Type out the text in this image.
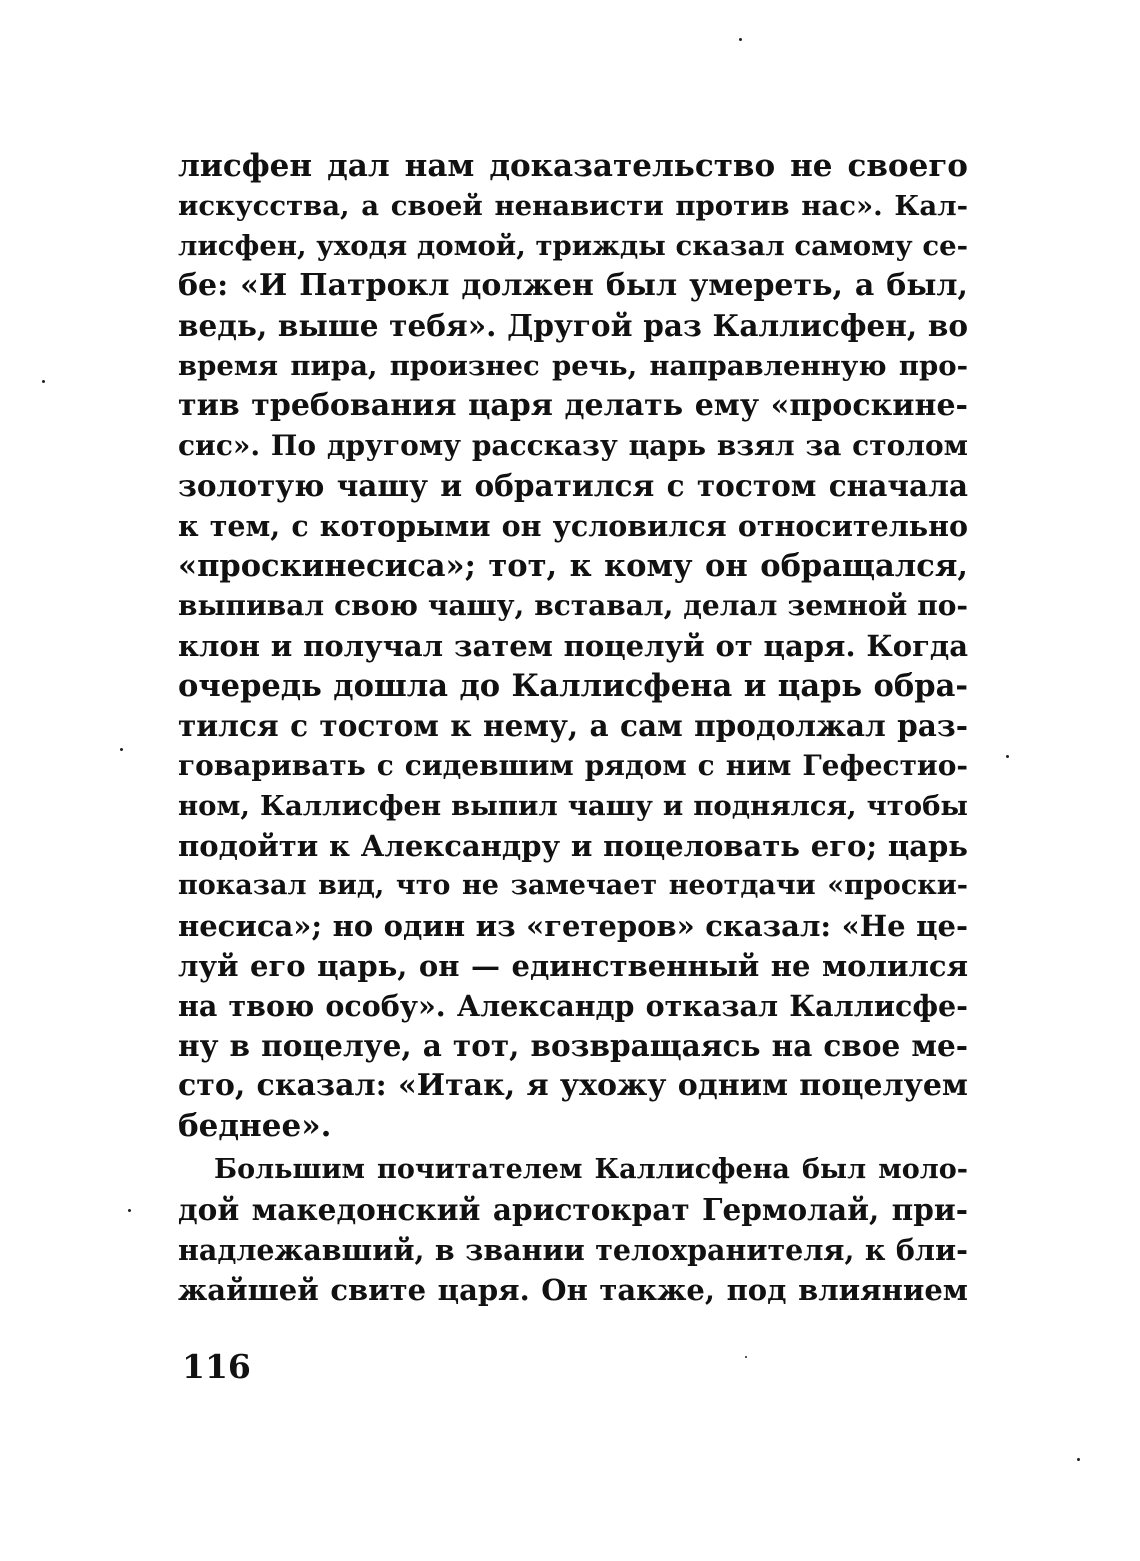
лисфен дал нам доказательство не своего
искусства, а своей ненависти против нас». Кал-
лисфен, уходя домой, трижды сказал самому се-
бе: «И Патрокл должен был умереть, а был,
ведь, выше тебя». Другой раз Каллисфен, во
время пира, произнес речь, направленную про-
тив требования царя делать ему «проскине-
сис». По другому рассказу царь взял за столом
золотую чашу и обратился с тостом сначала
к тем, с которыми он условился относительно
«проскинесиса»; тот, к кому он обращался,
выпивал свою чашу, вставал, делал земной по-
клон и получал затем поцелуй от царя. Когда
очередь дошла до Каллисфена и царь обра-
тился с тостом к нему, а сам продолжал раз-
говаривать с сидевшим рядом с ним Гефестио-
ном, Каллисфен выпил чашу и поднялся, чтобы
подойти к Александру и поцеловать его; царь
показал вид, что не замечает неотдачи «проски-
несиса»; но один из «гетеров» сказал: «Не це-
луй его царь, он — единственный не молился
на твою особу». Александр отказал Каллисфе-
ну в поцелуе, а тот, возвращаясь на свое ме-
сто, сказал: «Итак, я ухожу одним поцелуем
беднее».
Большим почитателем Каллисфена был моло-
дой македонский аристократ Гермолай, при-
надлежавший, в звании телохранителя, к бли-
жайшей свите царя. Он также, под влиянием
116
